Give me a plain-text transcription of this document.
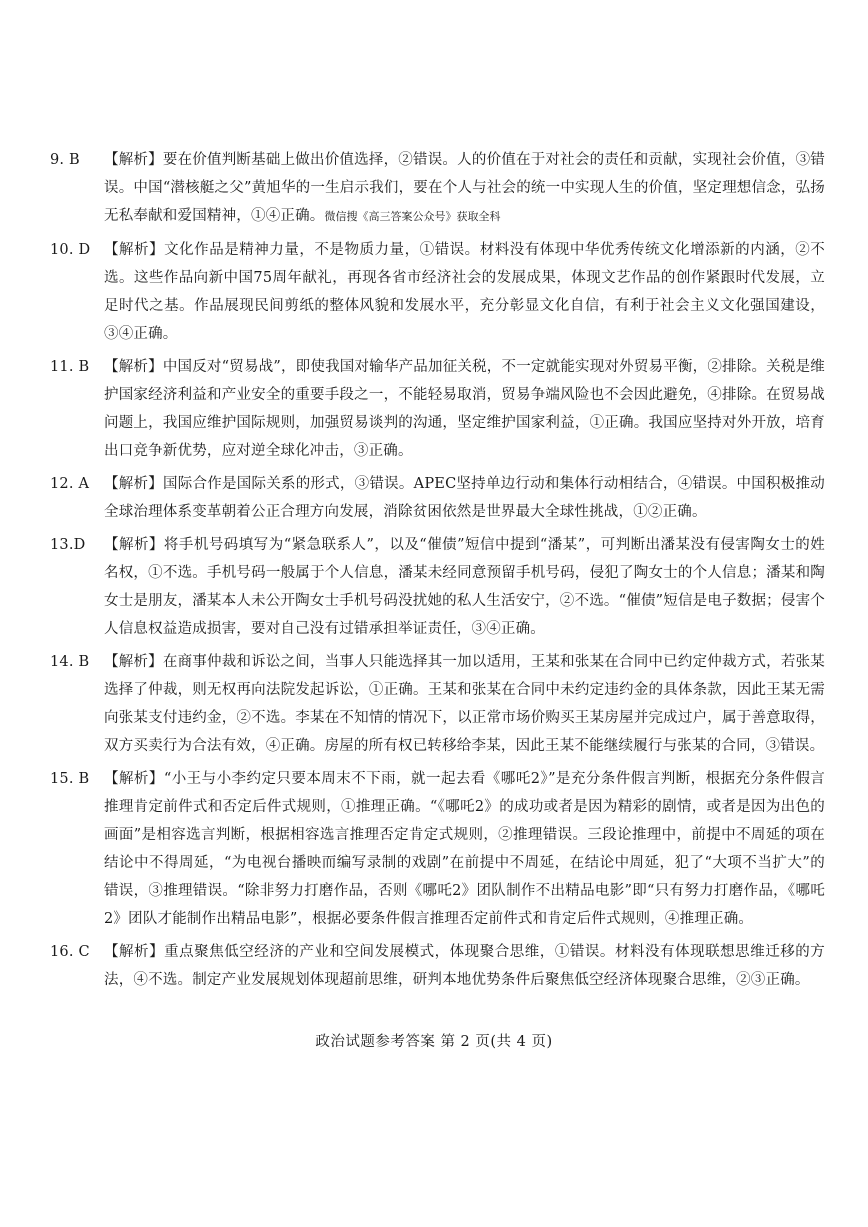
9. B	【解析】要在价值判断基础上做出价值选择，②错误。人的价值在于对社会的责任和贡献，实现社会价值，③错误。中国“潜核艇之父”黄旭华的一生启示我们，要在个人与社会的统一中实现人生的价值，坚定理想信念，弘扬无私奉献和爱国精神，①④正确。微信搜《高三答案公众号》获取全科
10. D 【解析】文化作品是精神力量，不是物质力量，①错误。材料没有体现中华优秀传统文化增添新的内涵，②不选。这些作品向新中国75周年献礼，再现各省市经济社会的发展成果，体现文艺作品的创作紧跟时代发展，立足时代之基。作品展现民间剪纸的整体风貌和发展水平，充分彰显文化自信，有利于社会主义文化强国建设，③④正确。
11. B	【解析】中国反对“贸易战”，即使我国对输华产品加征关税，不一定就能实现对外贸易平衡，②排除。关税是维护国家经济利益和产业安全的重要手段之一，不能轻易取消，贸易争端风险也不会因此避免，④排除。在贸易战问题上，我国应维护国际规则，加强贸易谈判的沟通，坚定维护国家利益，①正确。我国应坚持对外开放，培育出口竞争新优势，应对逆全球化冲击，③正确。
12. A	【解析】国际合作是国际关系的形式，③错误。APEC坚持单边行动和集体行动相结合，④错误。中国积极推动全球治理体系变革朝着公正合理方向发展，消除贫困依然是世界最大全球性挑战，①②正确。
13.D	【解析】将手机号码填写为“紧急联系人”，以及“催债”短信中提到“潘某”，可判断出潘某没有侵害陶女士的姓名权，①不选。手机号码一般属于个人信息，潘某未经同意预留手机号码，侵犯了陶女士的个人信息；潘某和陶女士是朋友，潘某本人未公开陶女士手机号码没扰她的私人生活安宁，②不选。“催债”短信是电子数据；侵害个人信息权益造成损害，要对自己没有过错承担举证责任，③④正确。
14. B	【解析】在商事仲裁和诉讼之间，当事人只能选择其一加以适用，王某和张某在合同中已约定仲裁方式，若张某选择了仲裁，则无权再向法院发起诉讼，①正确。王某和张某在合同中未约定违约金的具体条款，因此王某无需向张某支付违约金，②不选。李某在不知情的情况下，以正常市场价购买王某房屋并完成过户，属于善意取得，双方买卖行为合法有效，④正确。房屋的所有权已转移给李某，因此王某不能继续履行与张某的合同，③错误。
15. B	【解析】“小王与小李约定只要本周末不下雨，就一起去看《哪吒2》”是充分条件假言判断，根据充分条件假言推理肯定前件式和否定后件式规则，①推理正确。“《哪吒2》的成功或者是因为精彩的剧情，或者是因为出色的画面”是相容选言判断，根据相容选言推理否定肯定式规则，②推理错误。三段论推理中，前提中不周延的项在结论中不得周延，“为电视台播映而编写录制的戏剧”在前提中不周延，在结论中周延，犯了“大项不当扩大”的错误，③推理错误。“除非努力打磨作品，否则《哪吒2》团队制作不出精品电影”即“只有努力打磨作品，《哪吒2》团队才能制作出精品电影”，根据必要条件假言推理否定前件式和肯定后件式规则，④推理正确。
16. C 【解析】重点聚焦低空经济的产业和空间发展模式，体现聚合思维，①错误。材料没有体现联想思维迁移的方法，④不选。制定产业发展规划体现超前思维，研判本地优势条件后聚焦低空经济体现聚合思维，②③正确。
政治试题参考答案 第 2 页(共 4 页)
